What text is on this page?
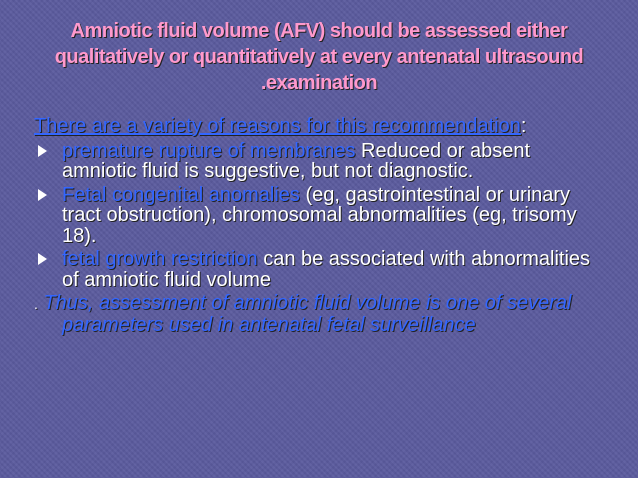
Amniotic fluid volume (AFV) should be assessed either
qualitatively or quantitatively at every antenatal ultrasound
.examination

There are a variety of reasons for this recommendation:

premature rupture of membranes Reduced or absent amniotic fluid is suggestive, but not diagnostic.
Fetal congenital anomalies (eg, gastrointestinal or urinary tract obstruction), chromosomal abnormalities (eg, trisomy 18).
fetal growth restriction can be associated with abnormalities of amniotic fluid volume

. Thus, assessment of amniotic fluid volume is one of several parameters used in antenatal fetal surveillance
